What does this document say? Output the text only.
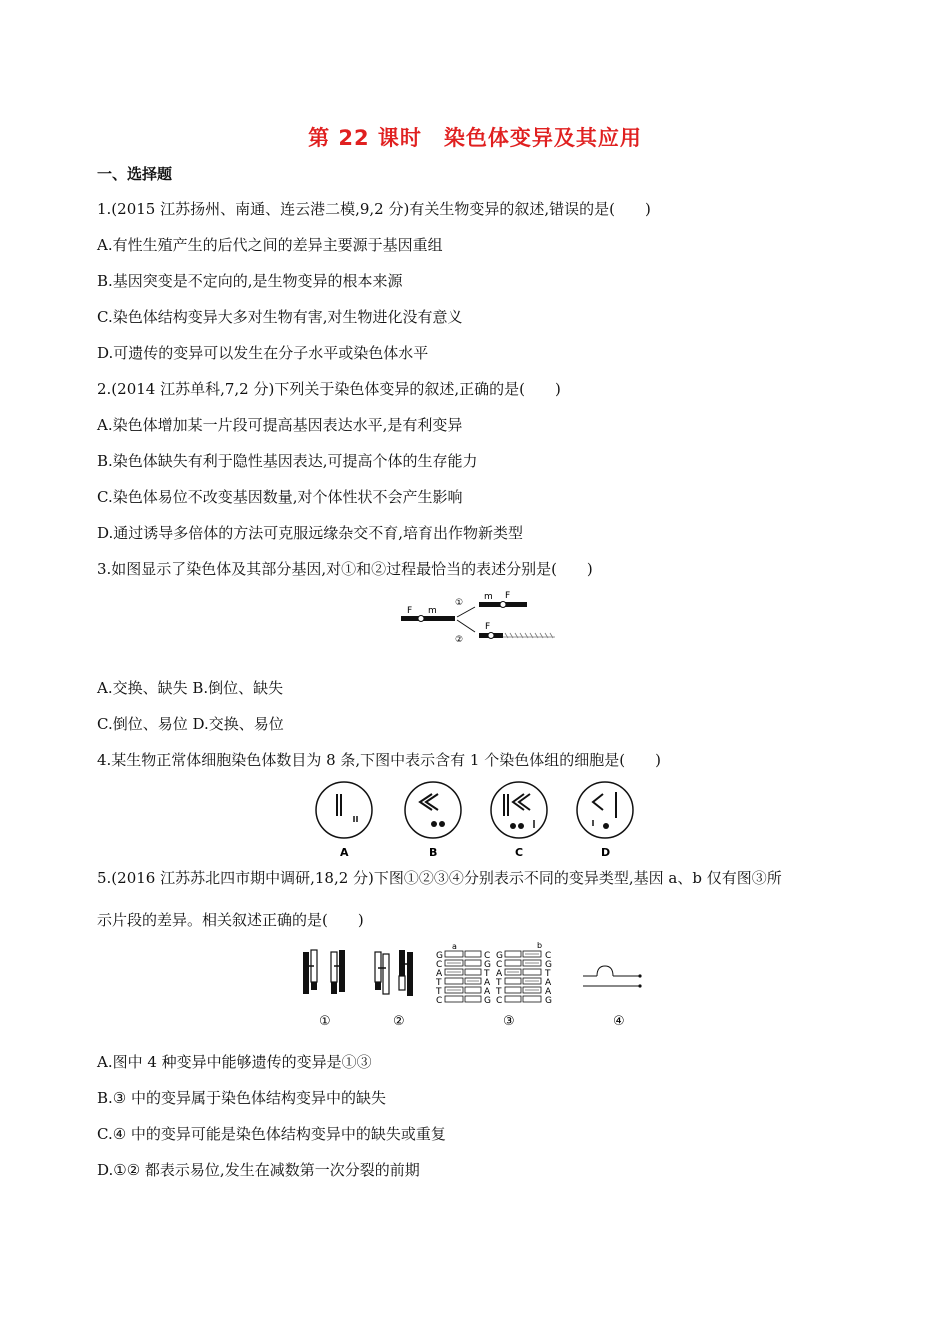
第 22 课时 染色体变异及其应用
一、选择题
1.(2015 江苏扬州、南通、连云港二模,9,2 分)有关生物变异的叙述,错误的是(　　)
A.有性生殖产生的后代之间的差异主要源于基因重组
B.基因突变是不定向的,是生物变异的根本来源
C.染色体结构变异大多对生物有害,对生物进化没有意义
D.可遗传的变异可以发生在分子水平或染色体水平
2.(2014 江苏单科,7,2 分)下列关于染色体变异的叙述,正确的是(　　)
A.染色体增加某一片段可提高基因表达水平,是有利变异
B.染色体缺失有利于隐性基因表达,可提高个体的生存能力
C.染色体易位不改变基因数量,对个体性状不会产生影响
D.通过诱导多倍体的方法可克服远缘杂交不育,培育出作物新类型
3.如图显示了染色体及其部分基因,对①和②过程最恰当的表述分别是(　　)
F m
①
②
m F
F
A.交换、缺失 B.倒位、缺失
C.倒位、易位 D.交换、易位
4.某生物正常体细胞染色体数目为 8 条,下图中表示含有 1 个染色体组的细胞是(　　)
A	B	C	D
5.(2016 江苏苏北四市期中调研,18,2 分)下图①②③④分别表示不同的变异类型,基因 a、b 仅有图③所
示片段的差异。相关叙述正确的是(　　)
①	②
a	b
G
C
A
T
T
C
C
G
T
A
A
G
G
C
A
T
T
C
C
G
T
A
A
G
③	④
A.图中 4 种变异中能够遗传的变异是①③
B.③ 中的变异属于染色体结构变异中的缺失
C.④ 中的变异可能是染色体结构变异中的缺失或重复
D.①② 都表示易位,发生在减数第一次分裂的前期
